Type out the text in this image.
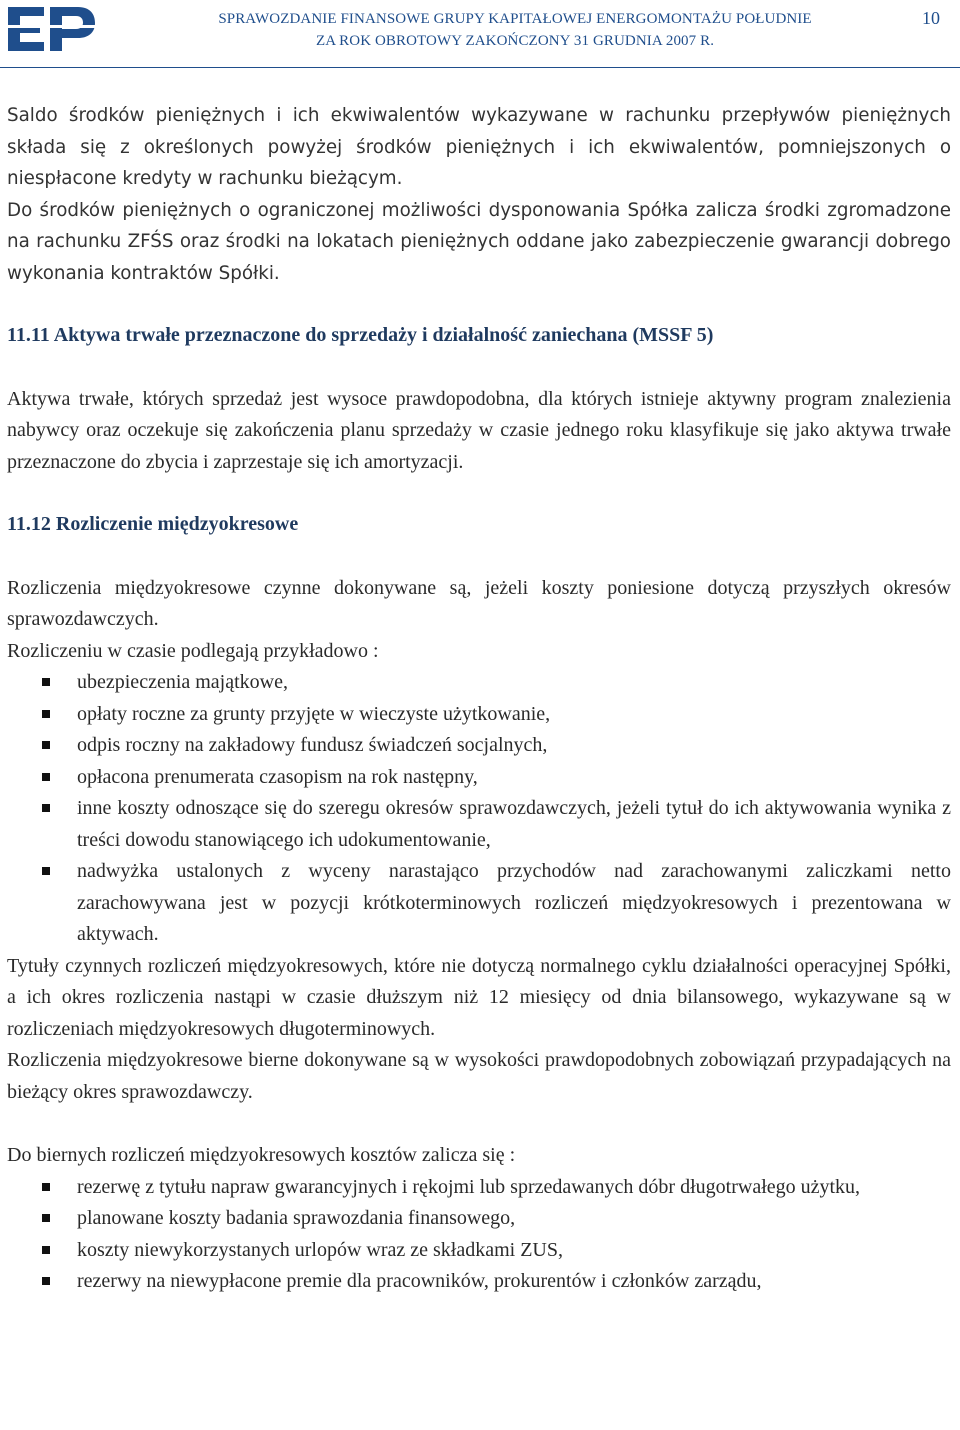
SPRAWOZDANIE FINANSOWE GRUPY KAPITAŁOWEJ ENERGOMONTAŻU POŁUDNIE
ZA ROK OBROTOWY ZAKOŃCZONY 31 GRUDNIA 2007 R.
10

Saldo środków pieniężnych i ich ekwiwalentów wykazywane w rachunku przepływów pieniężnych składa się z określonych powyżej środków pieniężnych i ich ekwiwalentów, pomniejszonych o niespłacone kredyty w rachunku bieżącym.

Do środków pieniężnych o ograniczonej możliwości dysponowania Spółka zalicza środki zgromadzone na rachunku ZFŚS oraz środki na lokatach pieniężnych oddane jako zabezpieczenie gwarancji dobrego wykonania kontraktów Spółki.

11.11 Aktywa trwałe przeznaczone do sprzedaży i działalność zaniechana (MSSF 5)

Aktywa trwałe, których sprzedaż jest wysoce prawdopodobna, dla których istnieje aktywny program znalezienia nabywcy oraz oczekuje się zakończenia planu sprzedaży w czasie jednego roku klasyfikuje się jako aktywa trwałe przeznaczone do zbycia i zaprzestaje się ich amortyzacji.

11.12 Rozliczenie międzyokresowe

Rozliczenia międzyokresowe czynne dokonywane są, jeżeli koszty poniesione dotyczą przyszłych okresów sprawozdawczych.

Rozliczeniu w czasie podlegają przykładowo :

ubezpieczenia majątkowe,
opłaty roczne za grunty przyjęte w wieczyste użytkowanie,
odpis roczny na zakładowy fundusz świadczeń socjalnych,
opłacona prenumerata czasopism na rok następny,
inne koszty odnoszące się do szeregu okresów sprawozdawczych, jeżeli tytuł do ich aktywowania wynika z treści dowodu stanowiącego ich udokumentowanie,
nadwyżka ustalonych z wyceny narastająco przychodów nad zarachowanymi zaliczkami netto zarachowywana jest w pozycji krótkoterminowych rozliczeń międzyokresowych i prezentowana w aktywach.

Tytuły czynnych rozliczeń międzyokresowych, które nie dotyczą normalnego cyklu działalności operacyjnej Spółki, a ich okres rozliczenia nastąpi w czasie dłuższym niż 12 miesięcy od dnia bilansowego, wykazywane są w rozliczeniach międzyokresowych długoterminowych.

Rozliczenia międzyokresowe bierne dokonywane są w wysokości prawdopodobnych zobowiązań przypadających na bieżący okres sprawozdawczy.

Do biernych rozliczeń międzyokresowych kosztów zalicza się :

rezerwę z tytułu napraw gwarancyjnych i rękojmi lub sprzedawanych dóbr długotrwałego użytku,
planowane koszty badania sprawozdania finansowego,
koszty niewykorzystanych urlopów wraz ze składkami ZUS,
rezerwy na niewypłacone premie dla pracowników, prokurentów i członków zarządu,
